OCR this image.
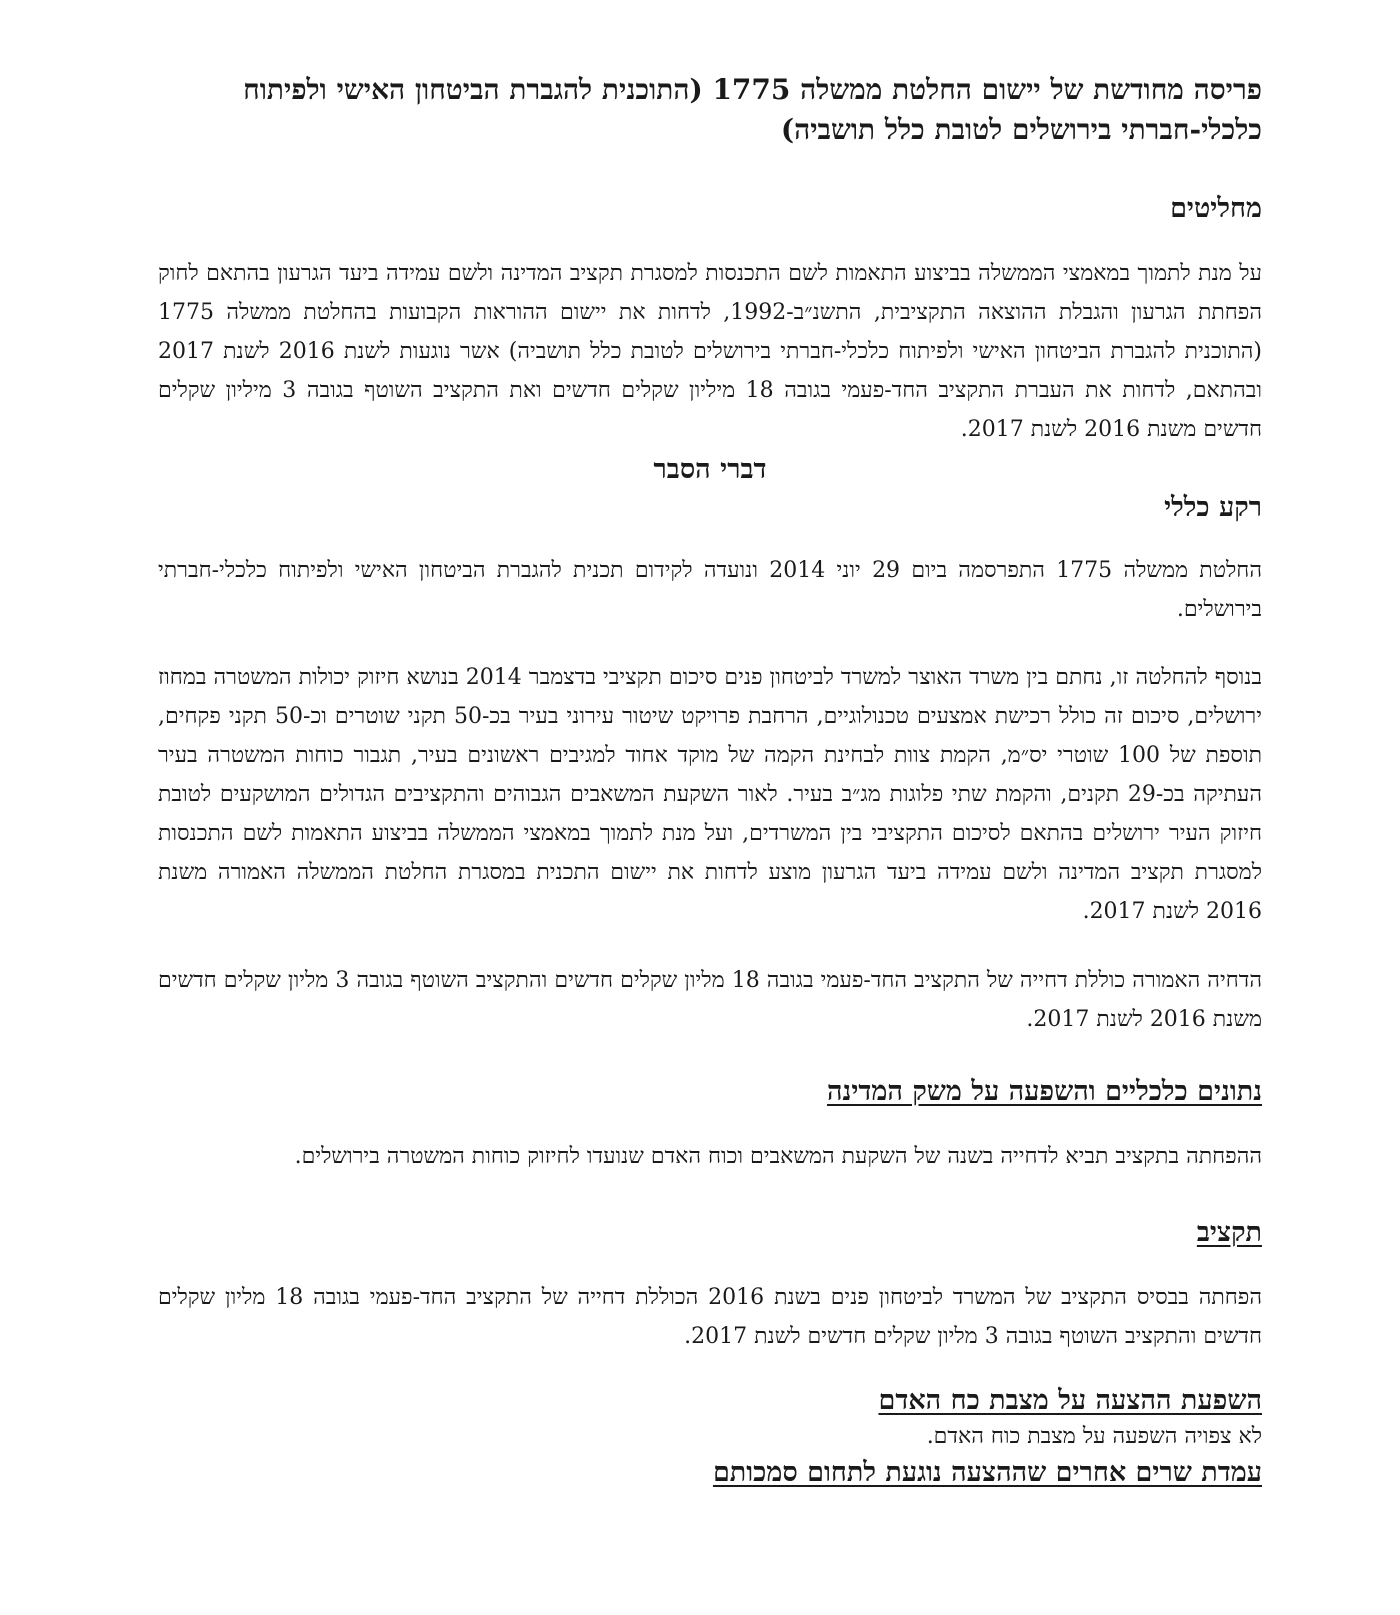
פריסה מחודשת של יישום החלטת ממשלה 1775 (התוכנית להגברת הביטחון האישי ולפיתוח כלכלי-חברתי בירושלים לטובת כלל תושביה)
מחליטים

על מנת לתמוך במאמצי הממשלה בביצוע התאמות לשם התכנסות למסגרת תקציב המדינה ולשם עמידה ביעד הגרעון בהתאם לחוק הפחתת הגרעון והגבלת ההוצאה התקציבית, התשנ״ב-1992, לדחות את יישום ההוראות הקבועות בהחלטת ממשלה 1775 (התוכנית להגברת הביטחון האישי ולפיתוח כלכלי-חברתי בירושלים לטובת כלל תושביה) אשר נוגעות לשנת 2016 לשנת 2017 ובהתאם, לדחות את העברת התקציב החד-פעמי בגובה 18 מיליון שקלים חדשים ואת התקציב השוטף בגובה 3 מיליון שקלים חדשים משנת 2016 לשנת 2017.

דברי הסבר
רקע כללי

החלטת ממשלה 1775 התפרסמה ביום 29 יוני 2014 ונועדה לקידום תכנית להגברת הביטחון האישי ולפיתוח כלכלי-חברתי בירושלים.

בנוסף להחלטה זו, נחתם בין משרד האוצר למשרד לביטחון פנים סיכום תקציבי בדצמבר 2014 בנושא חיזוק יכולות המשטרה במחוז ירושלים, סיכום זה כולל רכישת אמצעים טכנולוגיים, הרחבת פרויקט שיטור עירוני בעיר בכ-50 תקני שוטרים וכ-50 תקני פקחים, תוספת של 100 שוטרי יס״מ, הקמת צוות לבחינת הקמה של מוקד אחוד למגיבים ראשונים בעיר, תגבור כוחות המשטרה בעיר העתיקה בכ-29 תקנים, והקמת שתי פלוגות מג״ב בעיר. לאור השקעת המשאבים הגבוהים והתקציבים הגדולים המושקעים לטובת חיזוק העיר ירושלים בהתאם לסיכום התקציבי בין המשרדים, ועל מנת לתמוך במאמצי הממשלה בביצוע התאמות לשם התכנסות למסגרת תקציב המדינה ולשם עמידה ביעד הגרעון מוצע לדחות את יישום התכנית במסגרת החלטת הממשלה האמורה משנת 2016 לשנת 2017.

הדחיה האמורה כוללת דחייה של התקציב החד-פעמי בגובה 18 מליון שקלים חדשים והתקציב השוטף בגובה 3 מליון שקלים חדשים משנת 2016 לשנת 2017.

נתונים כלכליים והשפעה על משק המדינה

ההפחתה בתקציב תביא לדחייה בשנה של השקעת המשאבים וכוח האדם שנועדו לחיזוק כוחות המשטרה בירושלים.

תקציב

הפחתה בבסיס התקציב של המשרד לביטחון פנים בשנת 2016 הכוללת דחייה של התקציב החד-פעמי בגובה 18 מליון שקלים חדשים והתקציב השוטף בגובה 3 מליון שקלים חדשים לשנת 2017.

השפעת ההצעה על מצבת כח האדם

לא צפויה השפעה על מצבת כוח האדם.

עמדת שרים אחרים שההצעה נוגעת לתחום סמכותם
